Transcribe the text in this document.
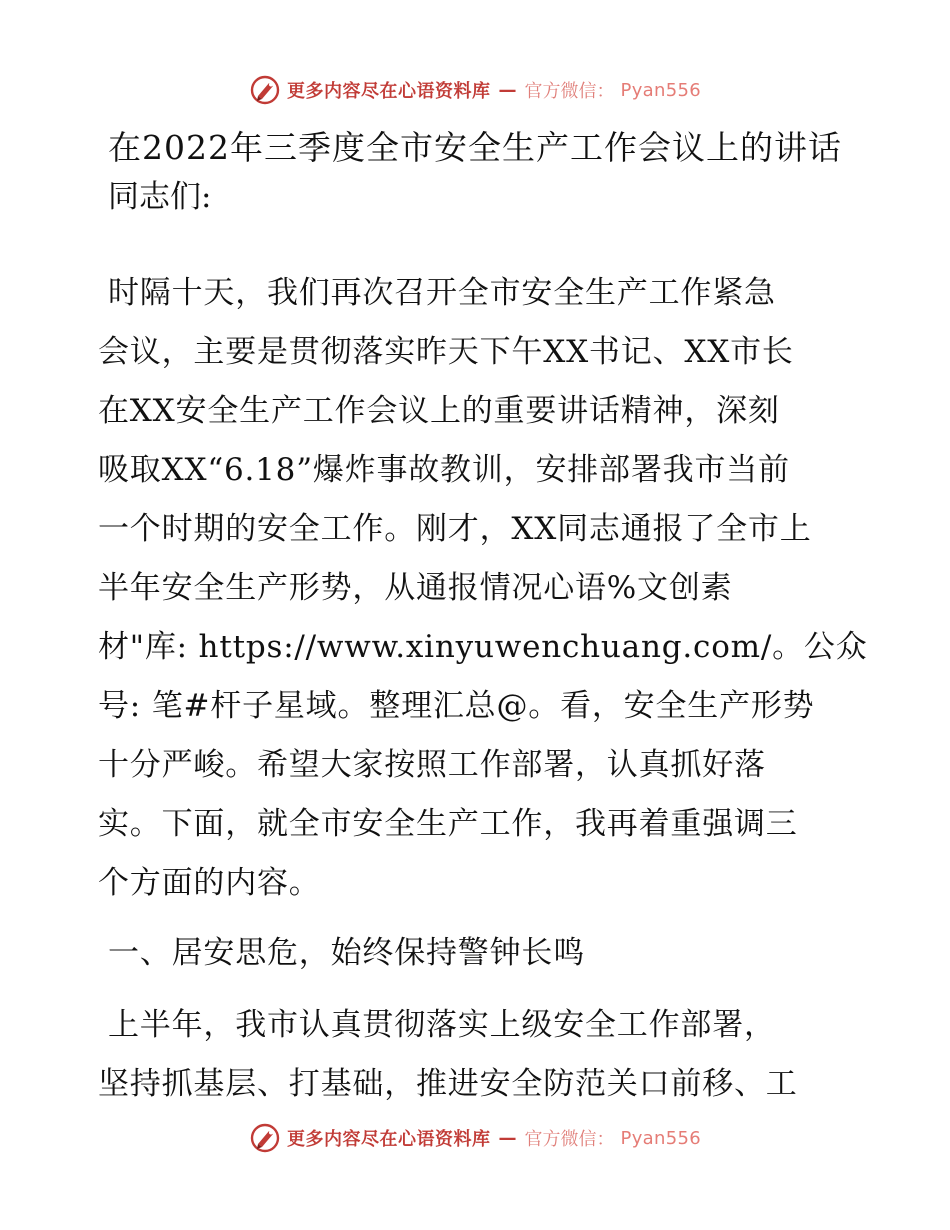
更多内容尽在心语资料库 — 官方微信： Pyan556
在2022年三季度全市安全生产工作会议上的讲话
同志们:
时隔十天，我们再次召开全市安全生产工作紧急
会议，主要是贯彻落实昨天下午XX书记、XX市长
在XX安全生产工作会议上的重要讲话精神，深刻
吸取XX“6.18”爆炸事故教训，安排部署我市当前
一个时期的安全工作。刚才，XX同志通报了全市上
半年安全生产形势，从通报情况心语%文创素
材"库: https://www.xinyuwenchuang.com/。公众
号: 笔#杆子星域。整理汇总@。看，安全生产形势
十分严峻。希望大家按照工作部署，认真抓好落
实。下面，就全市安全生产工作，我再着重强调三
个方面的内容。
一、居安思危，始终保持警钟长鸣
上半年，我市认真贯彻落实上级安全工作部署，
坚持抓基层、打基础，推进安全防范关口前移、工
更多内容尽在心语资料库 — 官方微信： Pyan556
